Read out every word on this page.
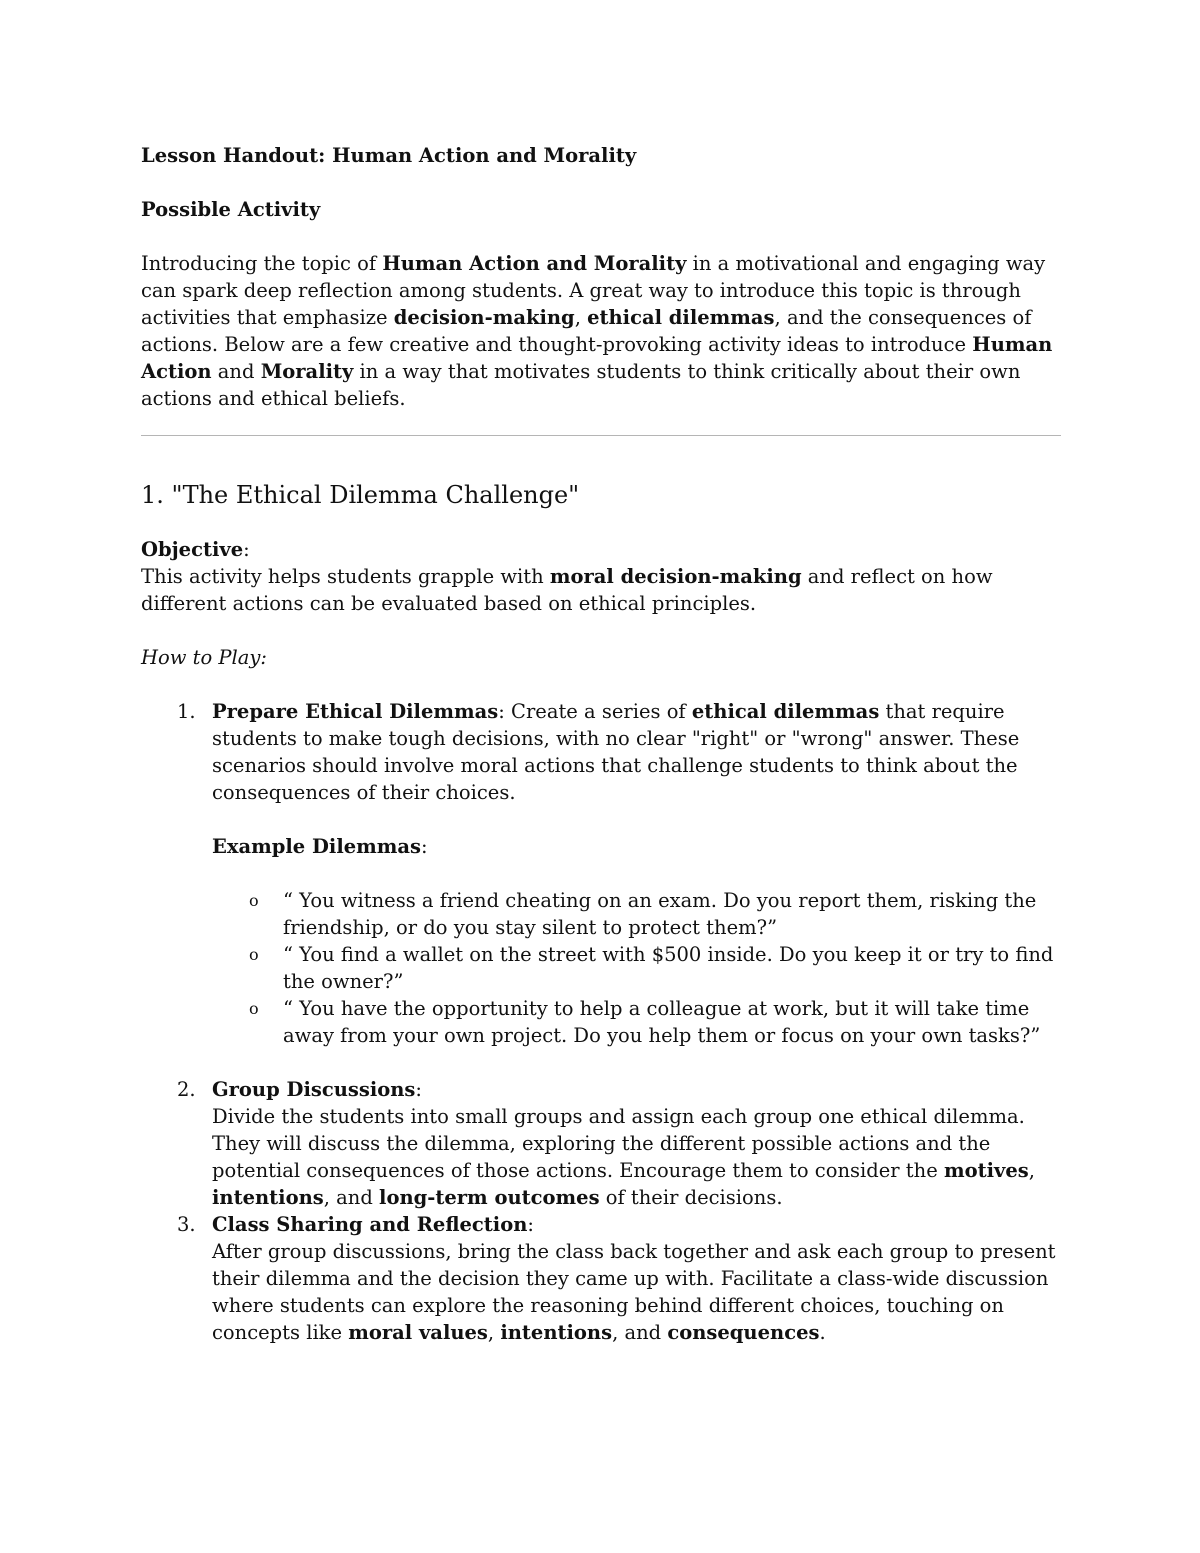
Lesson Handout: Human Action and Morality

Possible Activity

Introducing the topic of Human Action and Morality in a motivational and engaging way can spark deep reflection among students. A great way to introduce this topic is through activities that emphasize decision-making, ethical dilemmas, and the consequences of actions. Below are a few creative and thought-provoking activity ideas to introduce Human Action and Morality in a way that motivates students to think critically about their own actions and ethical beliefs.

1. "The Ethical Dilemma Challenge"

Objective:

This activity helps students grapple with moral decision-making and reflect on how different actions can be evaluated based on ethical principles.

How to Play:

1. Prepare Ethical Dilemmas: Create a series of ethical dilemmas that require students to make tough decisions, with no clear "right" or "wrong" answer. These scenarios should involve moral actions that challenge students to think about the consequences of their choices.

Example Dilemmas:

o “ You witness a friend cheating on an exam. Do you report them, risking the friendship, or do you stay silent to protect them?”
o “ You find a wallet on the street with $500 inside. Do you keep it or try to find the owner?”
o “ You have the opportunity to help a colleague at work, but it will take time away from your own project. Do you help them or focus on your own tasks?”
2. Group Discussions:

Divide the students into small groups and assign each group one ethical dilemma. They will discuss the dilemma, exploring the different possible actions and the potential consequences of those actions. Encourage them to consider the motives, intentions, and long-term outcomes of their decisions.

3. Class Sharing and Reflection:

After group discussions, bring the class back together and ask each group to present their dilemma and the decision they came up with. Facilitate a class-wide discussion where students can explore the reasoning behind different choices, touching on concepts like moral values, intentions, and consequences.
